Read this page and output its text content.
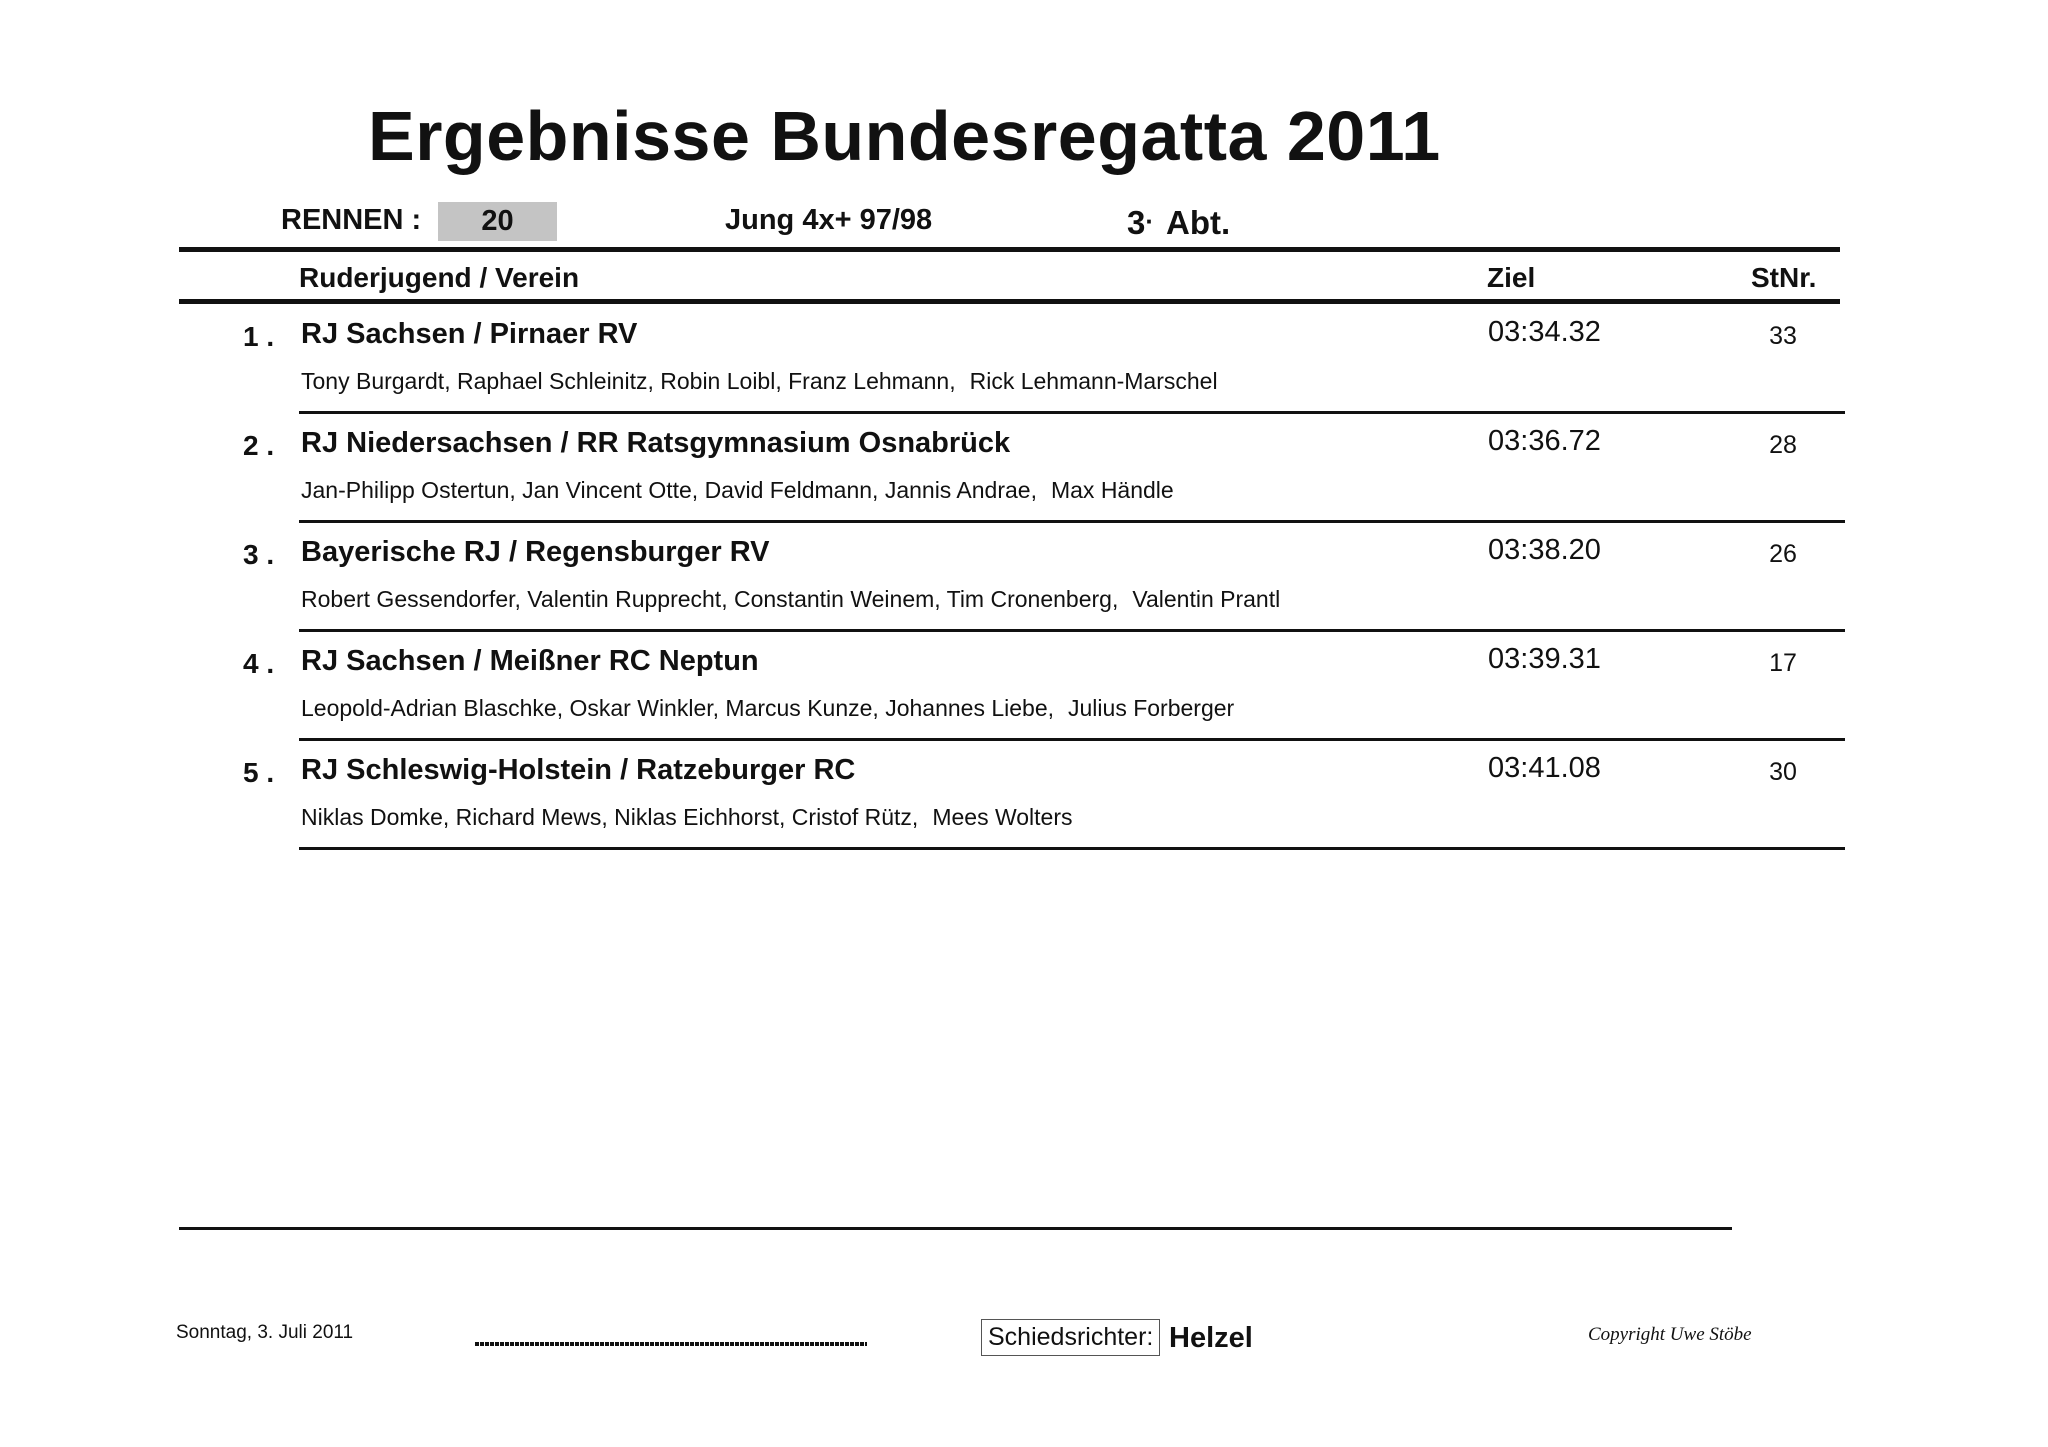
Ergebnisse Bundesregatta 2011
RENNEN :	20	Jung 4x+ 97/98	3· Abt.
Ruderjugend / Verein	Ziel	StNr.
1 . RJ Sachsen / Pirnaer RV	03:34.32	33
Tony Burgardt, Raphael Schleinitz, Robin Loibl, Franz Lehmann, Rick Lehmann-Marschel
2 . RJ Niedersachsen / RR Ratsgymnasium Osnabrück	03:36.72	28
Jan-Philipp Ostertun, Jan Vincent Otte, David Feldmann, Jannis Andrae, Max Händle
3 . Bayerische RJ / Regensburger RV	03:38.20	26
Robert Gessendorfer, Valentin Rupprecht, Constantin Weinem, Tim Cronenberg, Valentin Prantl
4 . RJ Sachsen / Meißner RC Neptun	03:39.31	17
Leopold-Adrian Blaschke, Oskar Winkler, Marcus Kunze, Johannes Liebe, Julius Forberger
5 . RJ Schleswig-Holstein / Ratzeburger RC	03:41.08	30
Niklas Domke, Richard Mews, Niklas Eichhorst, Cristof Rütz, Mees Wolters
Sonntag, 3. Juli 2011	Schiedsrichter: Helzel	Copyright Uwe Stöbe
